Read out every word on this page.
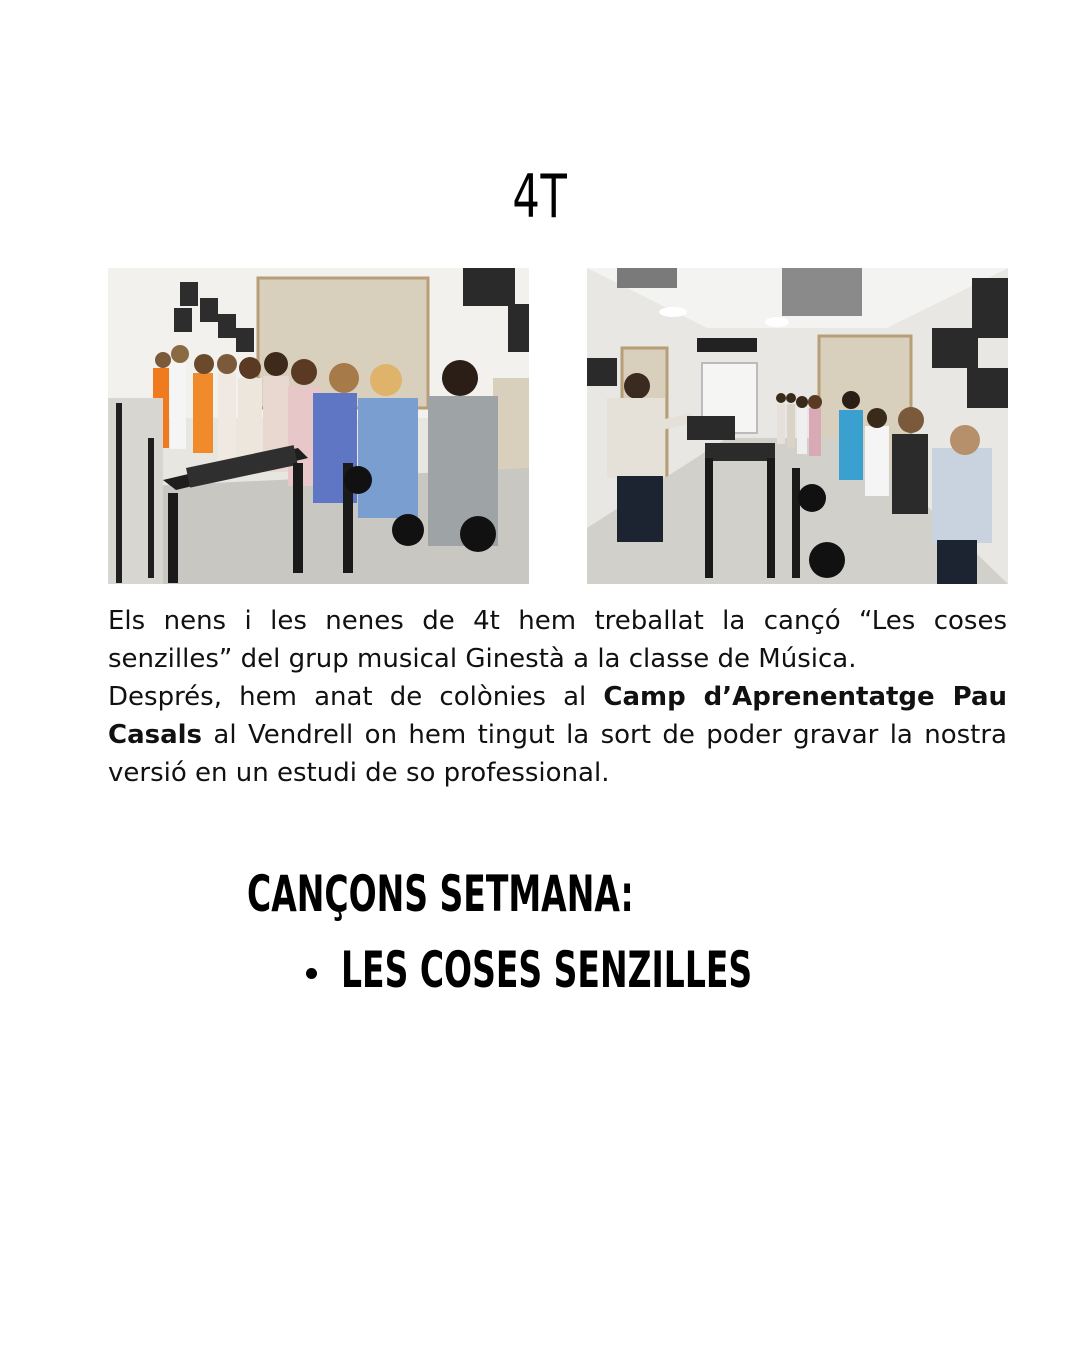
4T

Els nens i les nenes de 4t hem treballat la cançó “Les coses senzilles” del grup musical Ginestà a la classe de Música.

Després, hem anat de colònies al Camp d’Aprenentatge Pau Casals al Vendrell on hem tingut la sort de poder gravar la nostra versió en un estudi de so professional.

CANÇONS SETMANA:
LES COSES SENZILLES
